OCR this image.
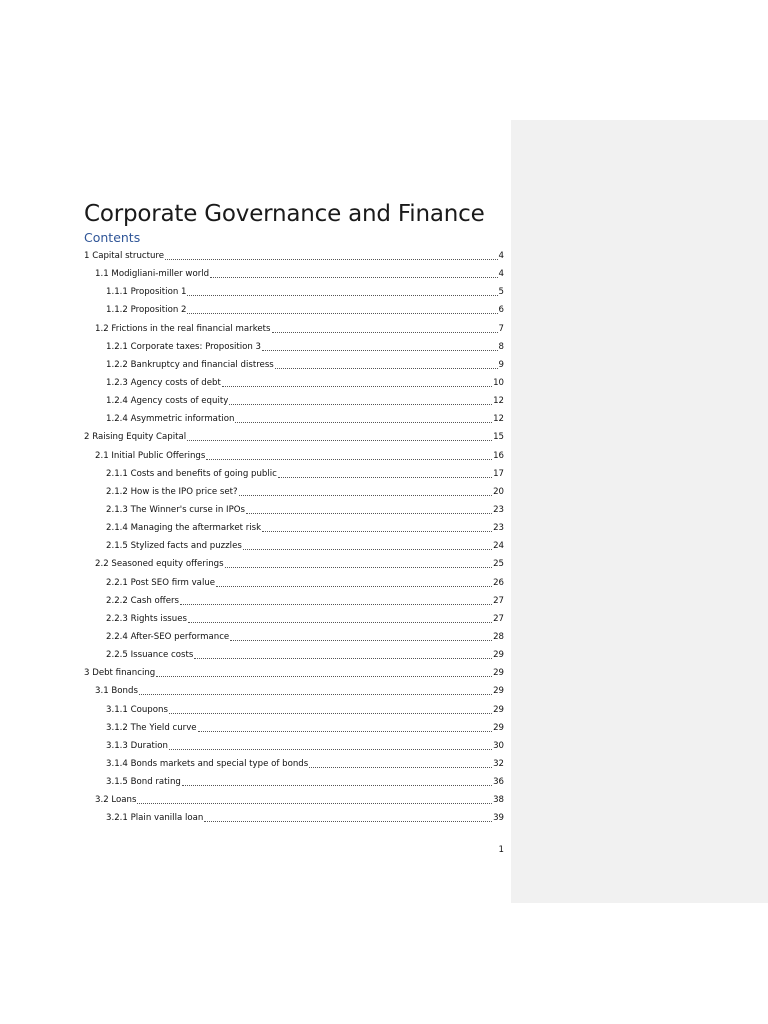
Corporate Governance and Finance
Contents
1 Capital structure	4
1.1 Modigliani-miller world	4
1.1.1 Proposition 1	5
1.1.2 Proposition 2	6
1.2 Frictions in the real financial markets	7
1.2.1 Corporate taxes: Proposition 3	8
1.2.2 Bankruptcy and financial distress	9
1.2.3 Agency costs of debt	10
1.2.4 Agency costs of equity	12
1.2.4 Asymmetric information	12
2 Raising Equity Capital	15
2.1 Initial Public Offerings	16
2.1.1 Costs and benefits of going public	17
2.1.2 How is the IPO price set?	20
2.1.3 The Winner's curse in IPOs	23
2.1.4 Managing the aftermarket risk	23
2.1.5 Stylized facts and puzzles	24
2.2 Seasoned equity offerings	25
2.2.1 Post SEO firm value	26
2.2.2 Cash offers	27
2.2.3 Rights issues	27
2.2.4 After-SEO performance	28
2.2.5 Issuance costs	29
3 Debt financing	29
3.1 Bonds	29
3.1.1 Coupons	29
3.1.2 The Yield curve	29
3.1.3 Duration	30
3.1.4 Bonds markets and special type of bonds	32
3.1.5 Bond rating	36
3.2 Loans	38
3.2.1 Plain vanilla loan	39
1
